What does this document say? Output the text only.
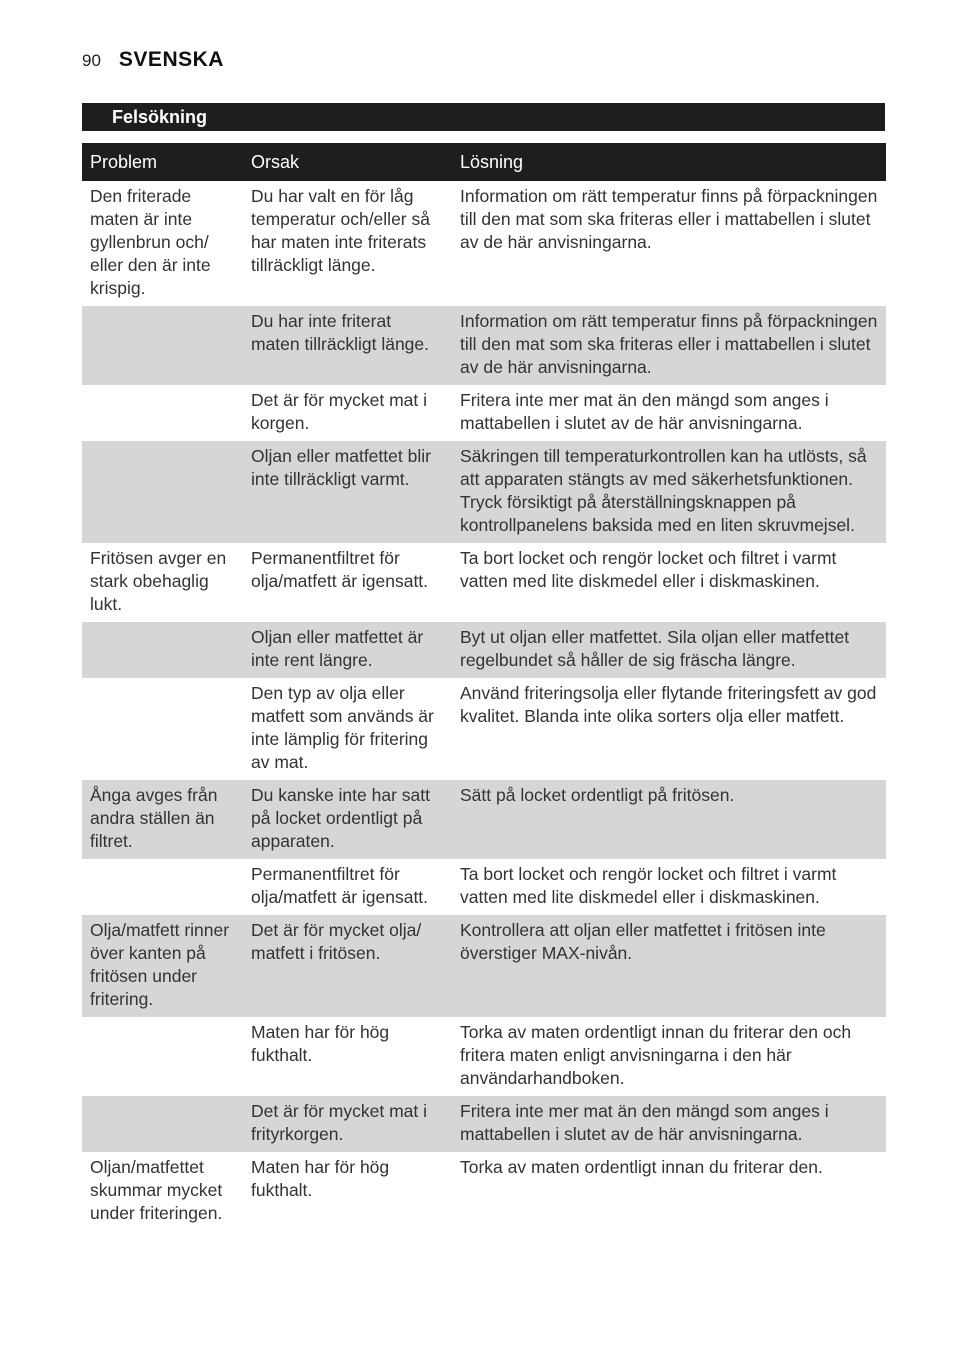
90 SVENSKA
Felsökning
Problem	Orsak	Lösning
Den friterade maten är inte gyllenbrun och/ eller den är inte krispig.	Du har valt en för låg temperatur och/eller så har maten inte friterats tillräckligt länge.	Information om rätt temperatur finns på förpackningen till den mat som ska friteras eller i mattabellen i slutet av de här anvisningarna.
	Du har inte friterat maten tillräckligt länge.	Information om rätt temperatur finns på förpackningen till den mat som ska friteras eller i mattabellen i slutet av de här anvisningarna.
	Det är för mycket mat i korgen.	Fritera inte mer mat än den mängd som anges i mattabellen i slutet av de här anvisningarna.
	Oljan eller matfettet blir inte tillräckligt varmt.	Säkringen till temperaturkontrollen kan ha utlösts, så att apparaten stängts av med säkerhetsfunktionen. Tryck försiktigt på återställningsknappen på kontrollpanelens baksida med en liten skruvmejsel.
Fritösen avger en stark obehaglig lukt.	Permanentfiltret för olja/matfett är igensatt.	Ta bort locket och rengör locket och filtret i varmt vatten med lite diskmedel eller i diskmaskinen.
	Oljan eller matfettet är inte rent längre.	Byt ut oljan eller matfettet. Sila oljan eller matfettet regelbundet så håller de sig fräscha längre.
	Den typ av olja eller matfett som används är inte lämplig för fritering av mat.	Använd friteringsolja eller flytande friteringsfett av god kvalitet. Blanda inte olika sorters olja eller matfett.
Ånga avges från andra ställen än filtret.	Du kanske inte har satt på locket ordentligt på apparaten.	Sätt på locket ordentligt på fritösen.
	Permanentfiltret för olja/matfett är igensatt.	Ta bort locket och rengör locket och filtret i varmt vatten med lite diskmedel eller i diskmaskinen.
Olja/matfett rinner över kanten på fritösen under fritering.	Det är för mycket olja/ matfett i fritösen.	Kontrollera att oljan eller matfettet i fritösen inte överstiger MAX-nivån.
	Maten har för hög fukthalt.	Torka av maten ordentligt innan du friterar den och fritera maten enligt anvisningarna i den här användarhandboken.
	Det är för mycket mat i frityrkorgen.	Fritera inte mer mat än den mängd som anges i mattabellen i slutet av de här anvisningarna.
Oljan/matfettet skummar mycket under friteringen.	Maten har för hög fukthalt.	Torka av maten ordentligt innan du friterar den.
